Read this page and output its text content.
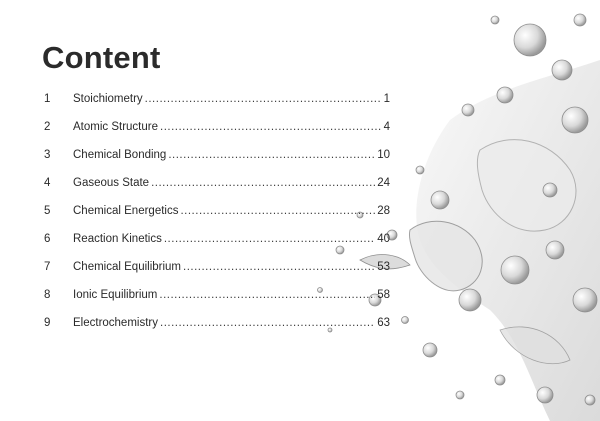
Content
1	Stoichiometry .....	1
2	Atomic Structure .....	4
3	Chemical Bonding .....	10
4	Gaseous State .....	24
5	Chemical Energetics .....	28
6	Reaction Kinetics .....	40
7	Chemical Equilibrium .....	53
8	Ionic Equilibrium .....	58
9	Electrochemistry .....	63
